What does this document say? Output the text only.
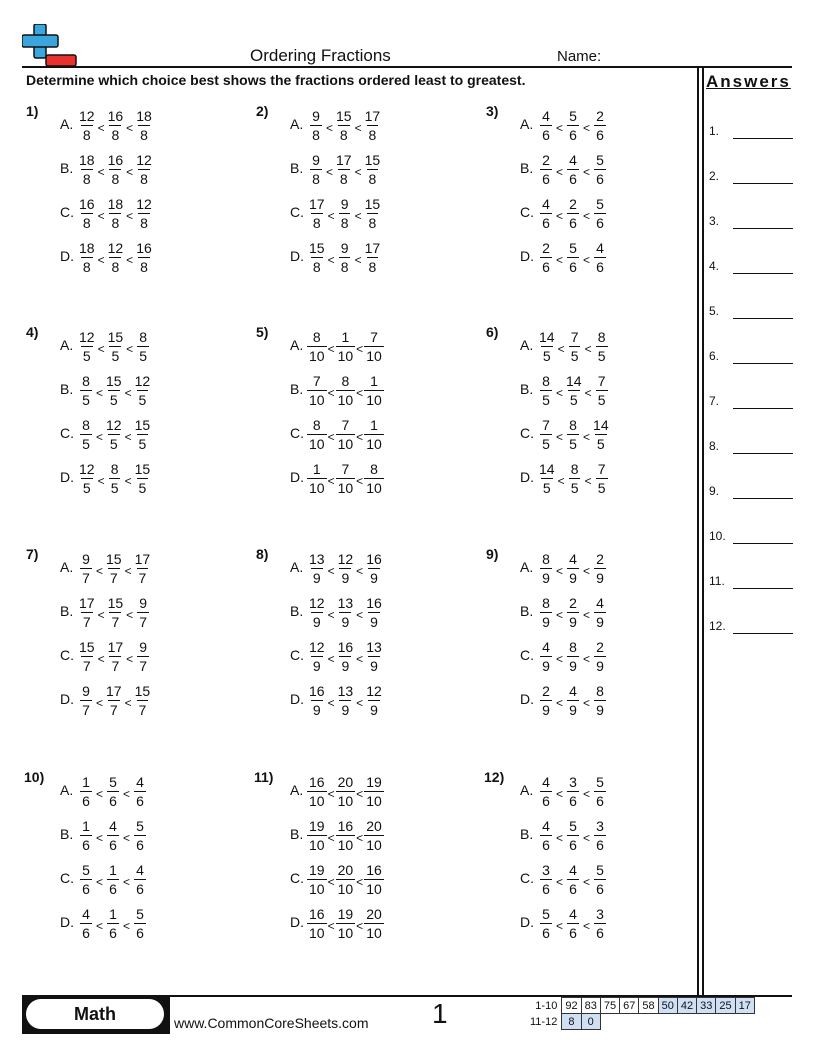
Ordering Fractions	Name:
Determine which choice best shows the fractions ordered least to greatest.	Answers
1.
2.
3.
4.
5.
6.
7.
8.
9.
10.
11.
12.
1)
A. $\frac{12}{8} < \frac{16}{8} < \frac{18}{8}$
B. $\frac{18}{8} < \frac{16}{8} < \frac{12}{8}$
C. $\frac{16}{8} < \frac{18}{8} < \frac{12}{8}$
D. $\frac{18}{8} < \frac{12}{8} < \frac{16}{8}$
2)
A. $\frac{9}{8} < \frac{15}{8} < \frac{17}{8}$
B. $\frac{9}{8} < \frac{17}{8} < \frac{15}{8}$
C. $\frac{17}{8} < \frac{9}{8} < \frac{15}{8}$
D. $\frac{15}{8} < \frac{9}{8} < \frac{17}{8}$
3)
A. $\frac{4}{6} < \frac{5}{6} < \frac{2}{6}$
B. $\frac{2}{6} < \frac{4}{6} < \frac{5}{6}$
C. $\frac{4}{6} < \frac{2}{6} < \frac{5}{6}$
D. $\frac{2}{6} < \frac{5}{6} < \frac{4}{6}$
4)
A. $\frac{12}{5} < \frac{15}{5} < \frac{8}{5}$
B. $\frac{8}{5} < \frac{15}{5} < \frac{12}{5}$
C. $\frac{8}{5} < \frac{12}{5} < \frac{15}{5}$
D. $\frac{12}{5} < \frac{8}{5} < \frac{15}{5}$
5)
A. $\frac{8}{10} < \frac{1}{10} < \frac{7}{10}$
B. $\frac{7}{10} < \frac{8}{10} < \frac{1}{10}$
C. $\frac{8}{10} < \frac{7}{10} < \frac{1}{10}$
D. $\frac{1}{10} < \frac{7}{10} < \frac{8}{10}$
6)
A. $\frac{14}{5} < \frac{7}{5} < \frac{8}{5}$
B. $\frac{8}{5} < \frac{14}{5} < \frac{7}{5}$
C. $\frac{7}{5} < \frac{8}{5} < \frac{14}{5}$
D. $\frac{14}{5} < \frac{8}{5} < \frac{7}{5}$
7)
A. $\frac{9}{7} < \frac{15}{7} < \frac{17}{7}$
B. $\frac{17}{7} < \frac{15}{7} < \frac{9}{7}$
C. $\frac{15}{7} < \frac{17}{7} < \frac{9}{7}$
D. $\frac{9}{7} < \frac{17}{7} < \frac{15}{7}$
8)
A. $\frac{13}{9} < \frac{12}{9} < \frac{16}{9}$
B. $\frac{12}{9} < \frac{13}{9} < \frac{16}{9}$
C. $\frac{12}{9} < \frac{16}{9} < \frac{13}{9}$
D. $\frac{16}{9} < \frac{13}{9} < \frac{12}{9}$
9)
A. $\frac{8}{9} < \frac{4}{9} < \frac{2}{9}$
B. $\frac{8}{9} < \frac{2}{9} < \frac{4}{9}$
C. $\frac{4}{9} < \frac{8}{9} < \frac{2}{9}$
D. $\frac{2}{9} < \frac{4}{9} < \frac{8}{9}$
10)
A. $\frac{1}{6} < \frac{5}{6} < \frac{4}{6}$
B. $\frac{1}{6} < \frac{4}{6} < \frac{5}{6}$
C. $\frac{5}{6} < \frac{1}{6} < \frac{4}{6}$
D. $\frac{4}{6} < \frac{1}{6} < \frac{5}{6}$
11)
A. $\frac{16}{10} < \frac{20}{10} < \frac{19}{10}$
B. $\frac{19}{10} < \frac{16}{10} < \frac{20}{10}$
C. $\frac{19}{10} < \frac{20}{10} < \frac{16}{10}$
D. $\frac{16}{10} < \frac{19}{10} < \frac{20}{10}$
12)
A. $\frac{4}{6} < \frac{3}{6} < \frac{5}{6}$
B. $\frac{4}{6} < \frac{5}{6} < \frac{3}{6}$
C. $\frac{3}{6} < \frac{4}{6} < \frac{5}{6}$
D. $\frac{5}{6} < \frac{4}{6} < \frac{3}{6}$
Math	www.CommonCoreSheets.com 1	1-10	92	83	75	67	58	50	42	33	25	17
11-12	8	0								
